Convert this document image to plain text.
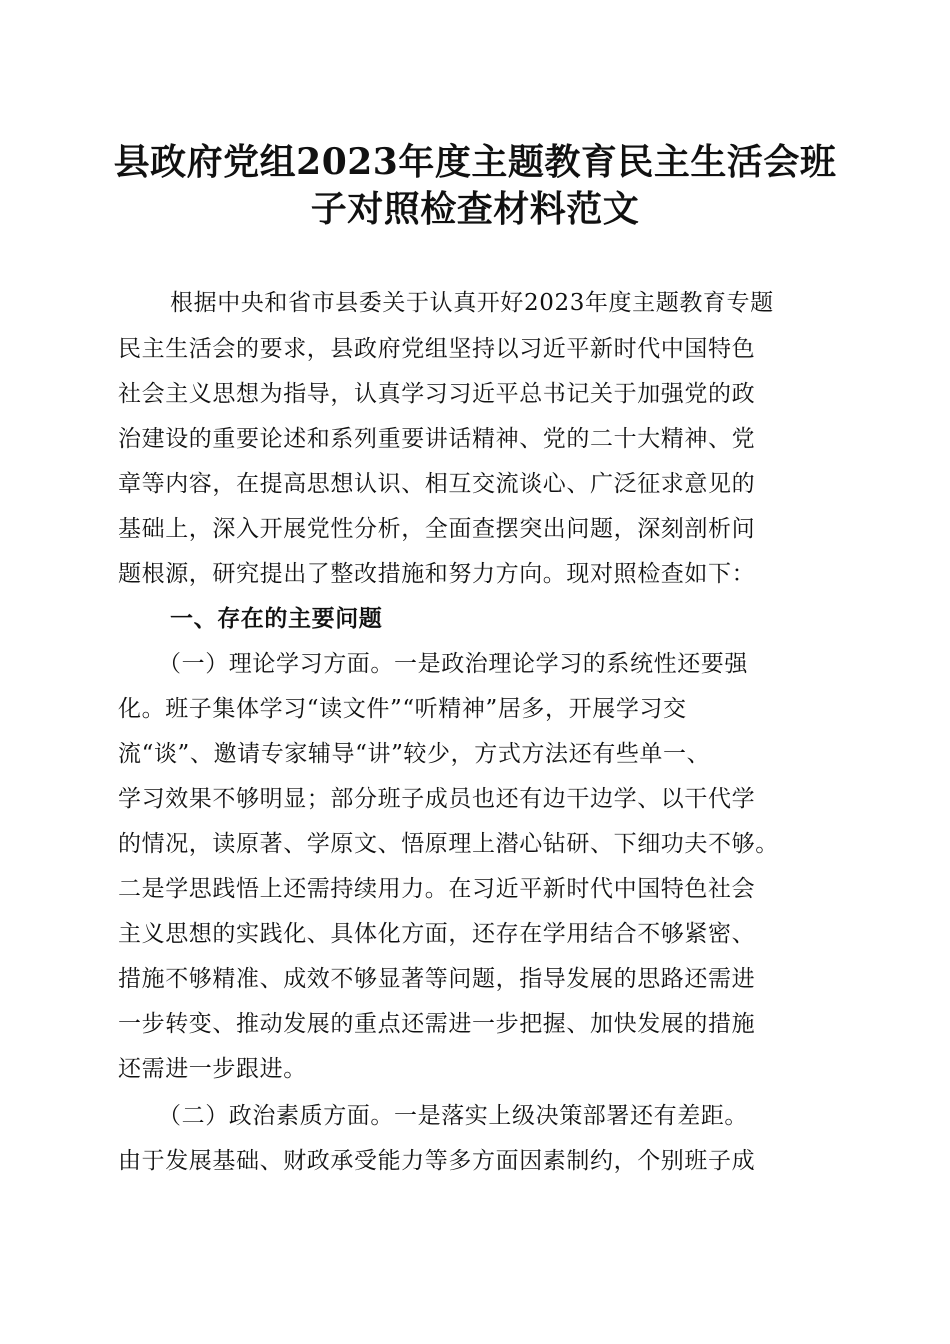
县政府党组2023年度主题教育民主生活会班
子对照检查材料范文

根据中央和省市县委关于认真开好2023年度主题教育专题

民主生活会的要求，县政府党组坚持以习近平新时代中国特色

社会主义思想为指导，认真学习习近平总书记关于加强党的政

治建设的重要论述和系列重要讲话精神、党的二十大精神、党

章等内容，在提高思想认识、相互交流谈心、广泛征求意见的

基础上，深入开展党性分析，全面查摆突出问题，深刻剖析问

题根源，研究提出了整改措施和努力方向。现对照检查如下：

一、存在的主要问题

（一）理论学习方面。一是政治理论学习的系统性还要强

化。班子集体学习“读文件”“听精神”居多，开展学习交

流“谈”、邀请专家辅导“讲”较少，方式方法还有些单一、

学习效果不够明显；部分班子成员也还有边干边学、以干代学

的情况，读原著、学原文、悟原理上潜心钻研、下细功夫不够。

二是学思践悟上还需持续用力。在习近平新时代中国特色社会

主义思想的实践化、具体化方面，还存在学用结合不够紧密、

措施不够精准、成效不够显著等问题，指导发展的思路还需进

一步转变、推动发展的重点还需进一步把握、加快发展的措施

还需进一步跟进。

（二）政治素质方面。一是落实上级决策部署还有差距。

由于发展基础、财政承受能力等多方面因素制约，个别班子成
